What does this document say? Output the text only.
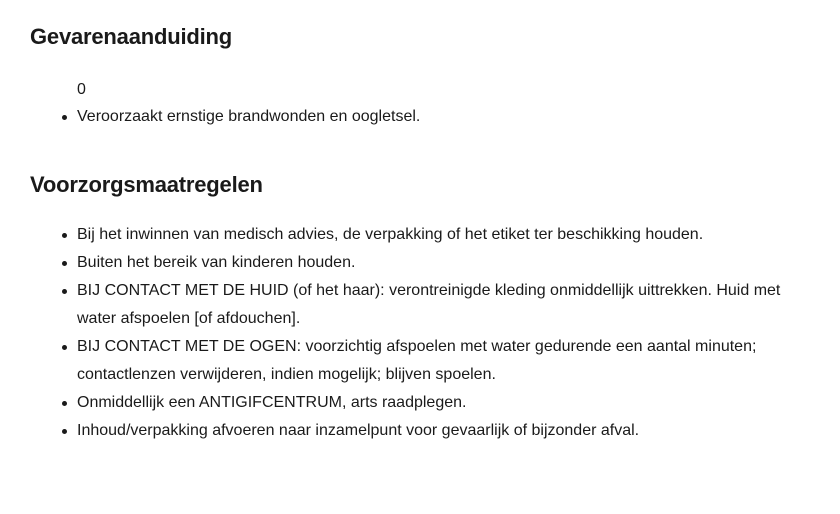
Gevarenaanduiding
0
Veroorzaakt ernstige brandwonden en oogletsel.
Voorzorgsmaatregelen
Bij het inwinnen van medisch advies, de verpakking of het etiket ter beschikking houden.
Buiten het bereik van kinderen houden.
BIJ CONTACT MET DE HUID (of het haar): verontreinigde kleding onmiddellijk uittrekken. Huid met water afspoelen [of afdouchen].
BIJ CONTACT MET DE OGEN: voorzichtig afspoelen met water gedurende een aantal minuten; contactlenzen verwijderen, indien mogelijk; blijven spoelen.
Onmiddellijk een ANTIGIFCENTRUM, arts raadplegen.
Inhoud/verpakking afvoeren naar inzamelpunt voor gevaarlijk of bijzonder afval.
